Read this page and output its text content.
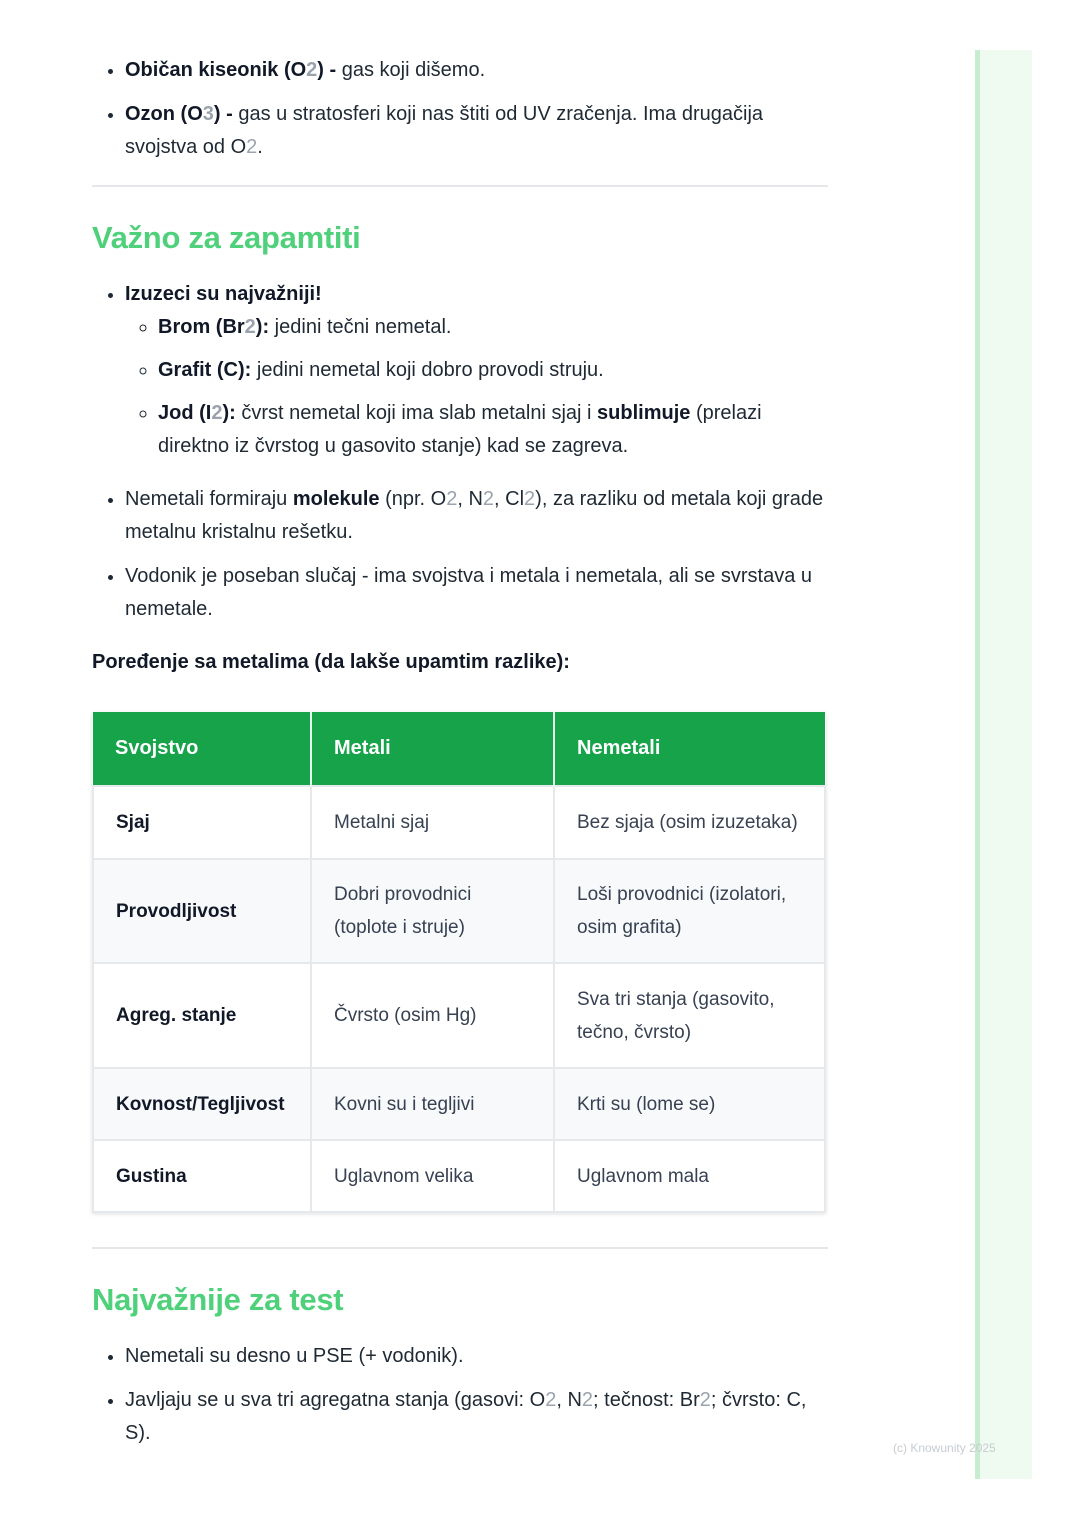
• Običan kiseonik (O2) - gas koji dišemo.
• Ozon (O3) - gas u stratosferi koji nas štiti od UV zračenja. Ima drugačija svojstva od O2.
Važno za zapamtiti
• Izuzeci su najvažniji!
◦ Brom (Br2): jedini tečni nemetal.
◦ Grafit (C): jedini nemetal koji dobro provodi struju.
◦ Jod (I2): čvrst nemetal koji ima slab metalni sjaj i sublimuje (prelazi direktno iz čvrstog u gasovito stanje) kad se zagreva.
• Nemetali formiraju molekule (npr. O2, N2, Cl2), za razliku od metala koji grade metalnu kristalnu rešetku.
• Vodonik je poseban slučaj - ima svojstva i metala i nemetala, ali se svrstava u nemetale.

Poređenje sa metalima (da lakše upamtim razlike):

Svojstvo	Metali	Nemetali
Sjaj	Metalni sjaj	Bez sjaja (osim izuzetaka)
Provodljivost	Dobri provodnici (toplote i struje)	Loši provodnici (izolatori, osim grafita)
Agreg. stanje	Čvrsto (osim Hg)	Sva tri stanja (gasovito, tečno, čvrsto)
Kovnost/Tegljivost	Kovni su i tegljivi	Krti su (lome se)
Gustina	Uglavnom velika	Uglavnom mala
Najvažnije za test
• Nemetali su desno u PSE (+ vodonik).
• Javljaju se u sva tri agregatna stanja (gasovi: O2, N2; tečnost: Br2; čvrsto: C, S).
(c) Knowunity 2025
